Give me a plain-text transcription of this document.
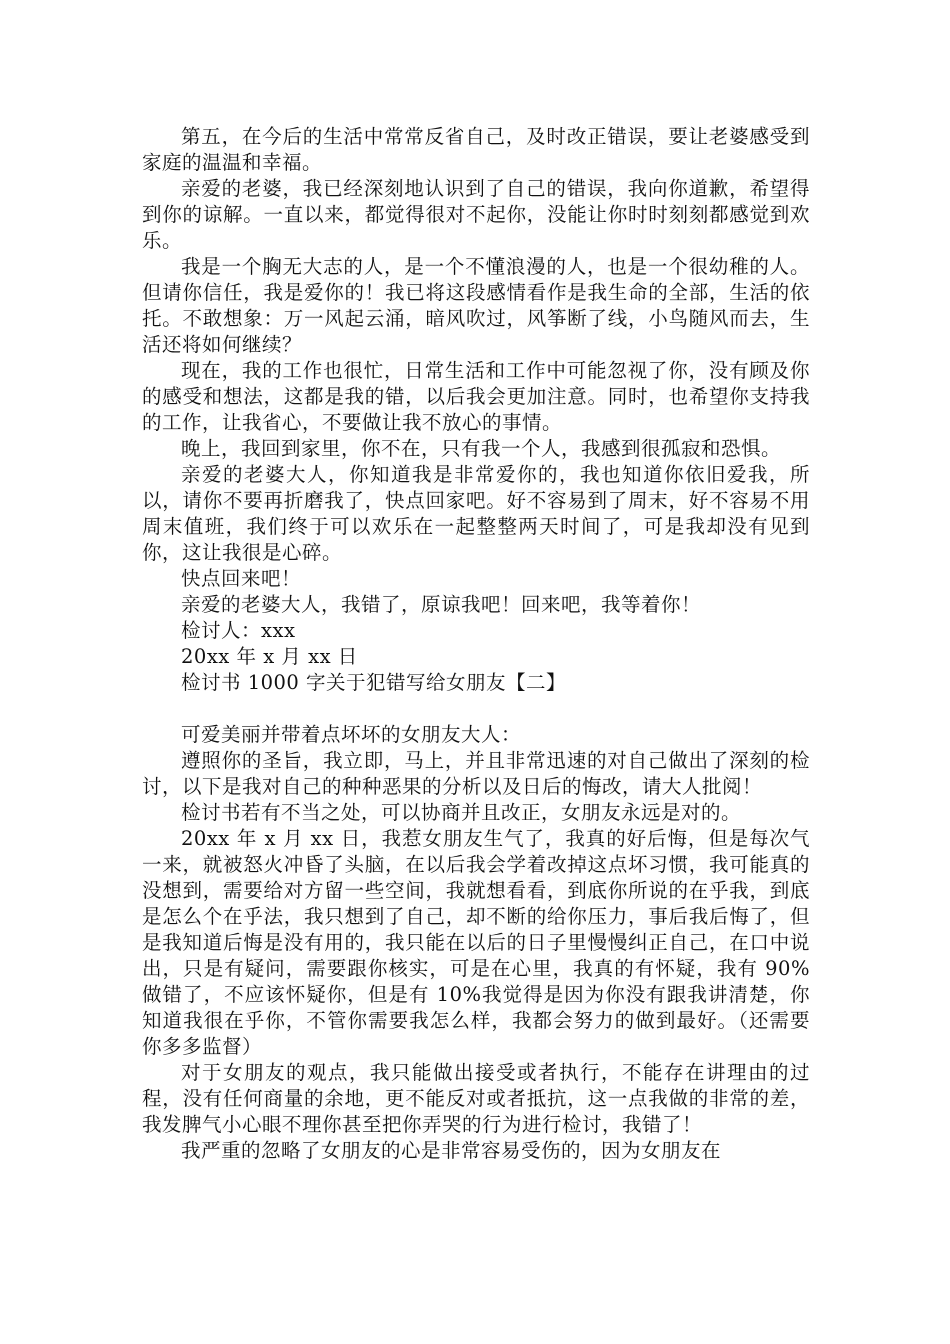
第五，在今后的生活中常常反省自己，及时改正错误，要让老婆感受到家庭的温温和幸福。

亲爱的老婆，我已经深刻地认识到了自己的错误，我向你道歉，希望得到你的谅解。一直以来，都觉得很对不起你，没能让你时时刻刻都感觉到欢乐。

我是一个胸无大志的人，是一个不懂浪漫的人，也是一个很幼稚的人。但请你信任，我是爱你的！我已将这段感情看作是我生命的全部，生活的依托。不敢想象：万一风起云涌，暗风吹过，风筝断了线，小鸟随风而去，生活还将如何继续？

现在，我的工作也很忙，日常生活和工作中可能忽视了你，没有顾及你的感受和想法，这都是我的错，以后我会更加注意。同时，也希望你支持我的工作，让我省心，不要做让我不放心的事情。

晚上，我回到家里，你不在，只有我一个人，我感到很孤寂和恐惧。

亲爱的老婆大人，你知道我是非常爱你的，我也知道你依旧爱我，所以，请你不要再折磨我了，快点回家吧。好不容易到了周末，好不容易不用周末值班，我们终于可以欢乐在一起整整两天时间了，可是我却没有见到你，这让我很是心碎。

快点回来吧！

亲爱的老婆大人，我错了，原谅我吧！回来吧，我等着你！

检讨人：xxx

20xx 年 x 月 xx 日

检讨书 1000 字关于犯错写给女朋友【二】

可爱美丽并带着点坏坏的女朋友大人：

遵照你的圣旨，我立即，马上，并且非常迅速的对自己做出了深刻的检讨，以下是我对自己的种种恶果的分析以及日后的悔改，请大人批阅！

检讨书若有不当之处，可以协商并且改正，女朋友永远是对的。

20xx 年 x 月 xx 日，我惹女朋友生气了，我真的好后悔，但是每次气一来，就被怒火冲昏了头脑，在以后我会学着改掉这点坏习惯，我可能真的没想到，需要给对方留一些空间，我就想看看，到底你所说的在乎我，到底是怎么个在乎法，我只想到了自己，却不断的给你压力，事后我后悔了，但是我知道后悔是没有用的，我只能在以后的日子里慢慢纠正自己，在口中说出，只是有疑问，需要跟你核实，可是在心里，我真的有怀疑，我有 90%做错了，不应该怀疑你，但是有 10%我觉得是因为你没有跟我讲清楚，你知道我很在乎你，不管你需要我怎么样，我都会努力的做到最好。（还需要你多多监督）

对于女朋友的观点，我只能做出接受或者执行，不能存在讲理由的过程，没有任何商量的余地，更不能反对或者抵抗，这一点我做的非常的差，我发脾气小心眼不理你甚至把你弄哭的行为进行检讨，我错了！

我严重的忽略了女朋友的心是非常容易受伤的，因为女朋友在
